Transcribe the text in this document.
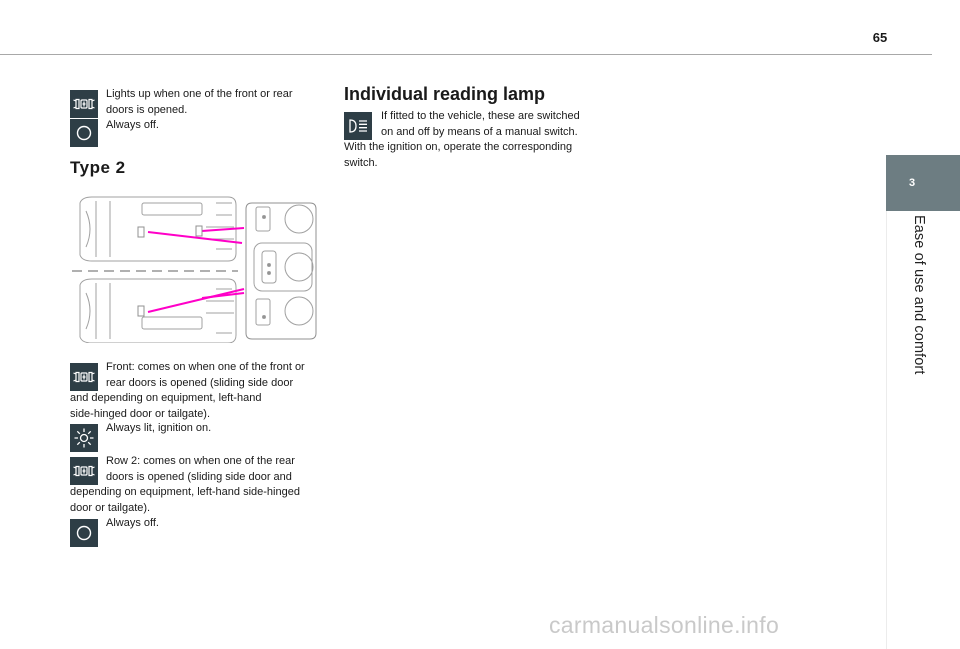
65
3
Ease of use and comfort
Lights up when one of the front or rear
doors is opened.
Always off.
Type 2
Front: comes on when one of the front or
rear doors is opened (sliding side door
and depending on equipment, left-hand
side-hinged door or tailgate).
Always lit, ignition on.
Row 2: comes on when one of the rear
doors is opened (sliding side door and
depending on equipment, left-hand side-hinged
door or tailgate).
Always off.
Individual reading lamp
If fitted to the vehicle, these are switched
on and off by means of a manual switch.
With the ignition on, operate the corresponding
switch.
carmanualsonline.info
